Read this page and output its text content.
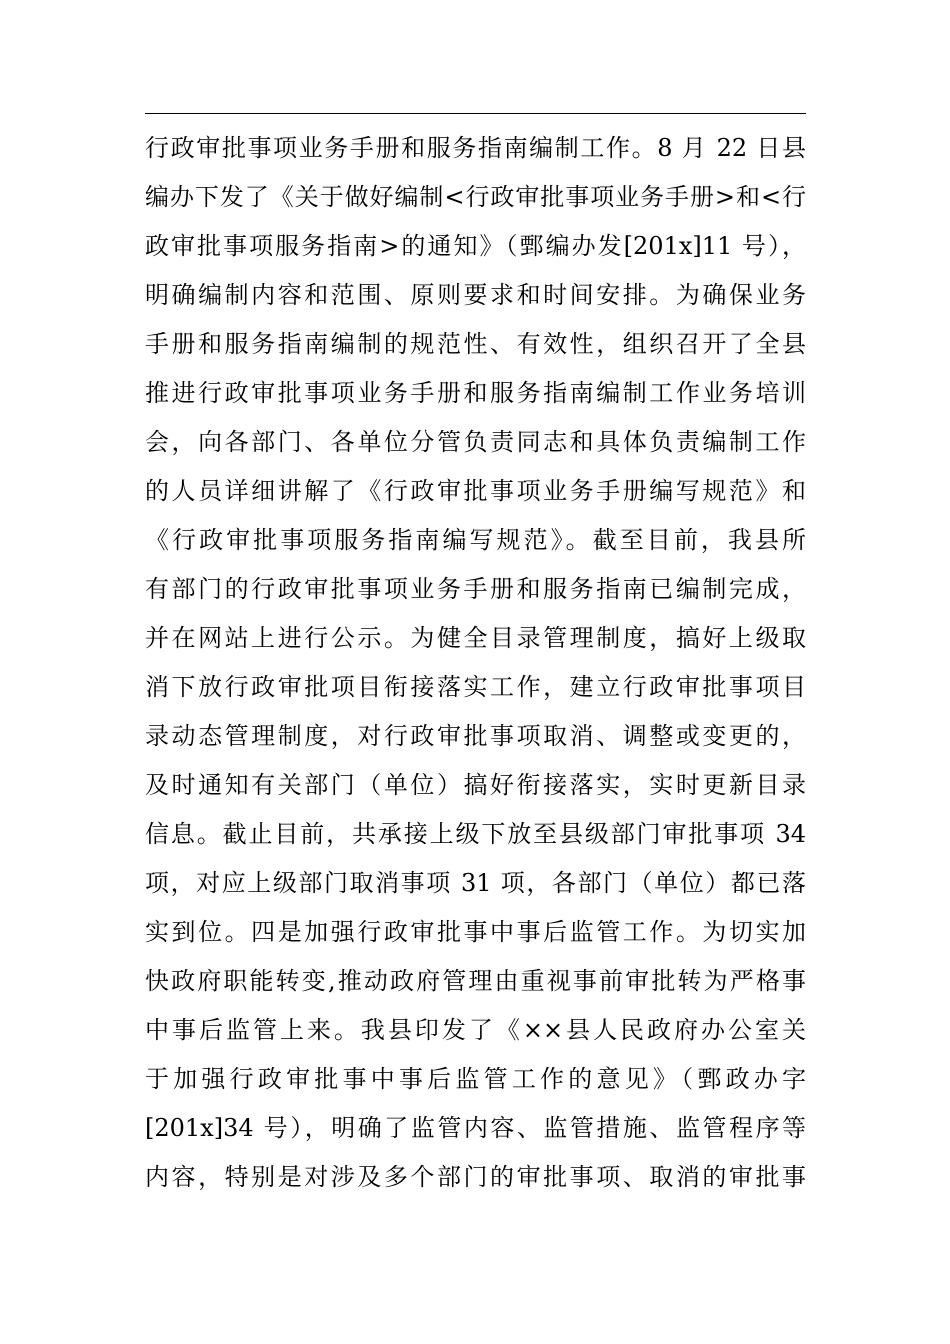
行政审批事项业务手册和服务指南编制工作。8 月 22 日县
编办下发了《关于做好编制<行政审批事项业务手册>和<行
政审批事项服务指南>的通知》（鄄编办发[201x]11 号），
明确编制内容和范围、原则要求和时间安排。为确保业务
手册和服务指南编制的规范性、有效性，组织召开了全县
推进行政审批事项业务手册和服务指南编制工作业务培训
会，向各部门、各单位分管负责同志和具体负责编制工作
的人员详细讲解了《行政审批事项业务手册编写规范》和
《行政审批事项服务指南编写规范》。截至目前，我县所
有部门的行政审批事项业务手册和服务指南已编制完成，
并在网站上进行公示。为健全目录管理制度，搞好上级取
消下放行政审批项目衔接落实工作，建立行政审批事项目
录动态管理制度，对行政审批事项取消、调整或变更的，
及时通知有关部门（单位）搞好衔接落实，实时更新目录
信息。截止目前，共承接上级下放至县级部门审批事项 34
项，对应上级部门取消事项 31 项，各部门（单位）都已落
实到位。四是加强行政审批事中事后监管工作。为切实加
快政府职能转变,推动政府管理由重视事前审批转为严格事
中事后监管上来。我县印发了《××县人民政府办公室关
于加强行政审批事中事后监管工作的意见》（鄄政办字
[201x]34 号），明确了监管内容、监管措施、监管程序等
内容，特别是对涉及多个部门的审批事项、取消的审批事
